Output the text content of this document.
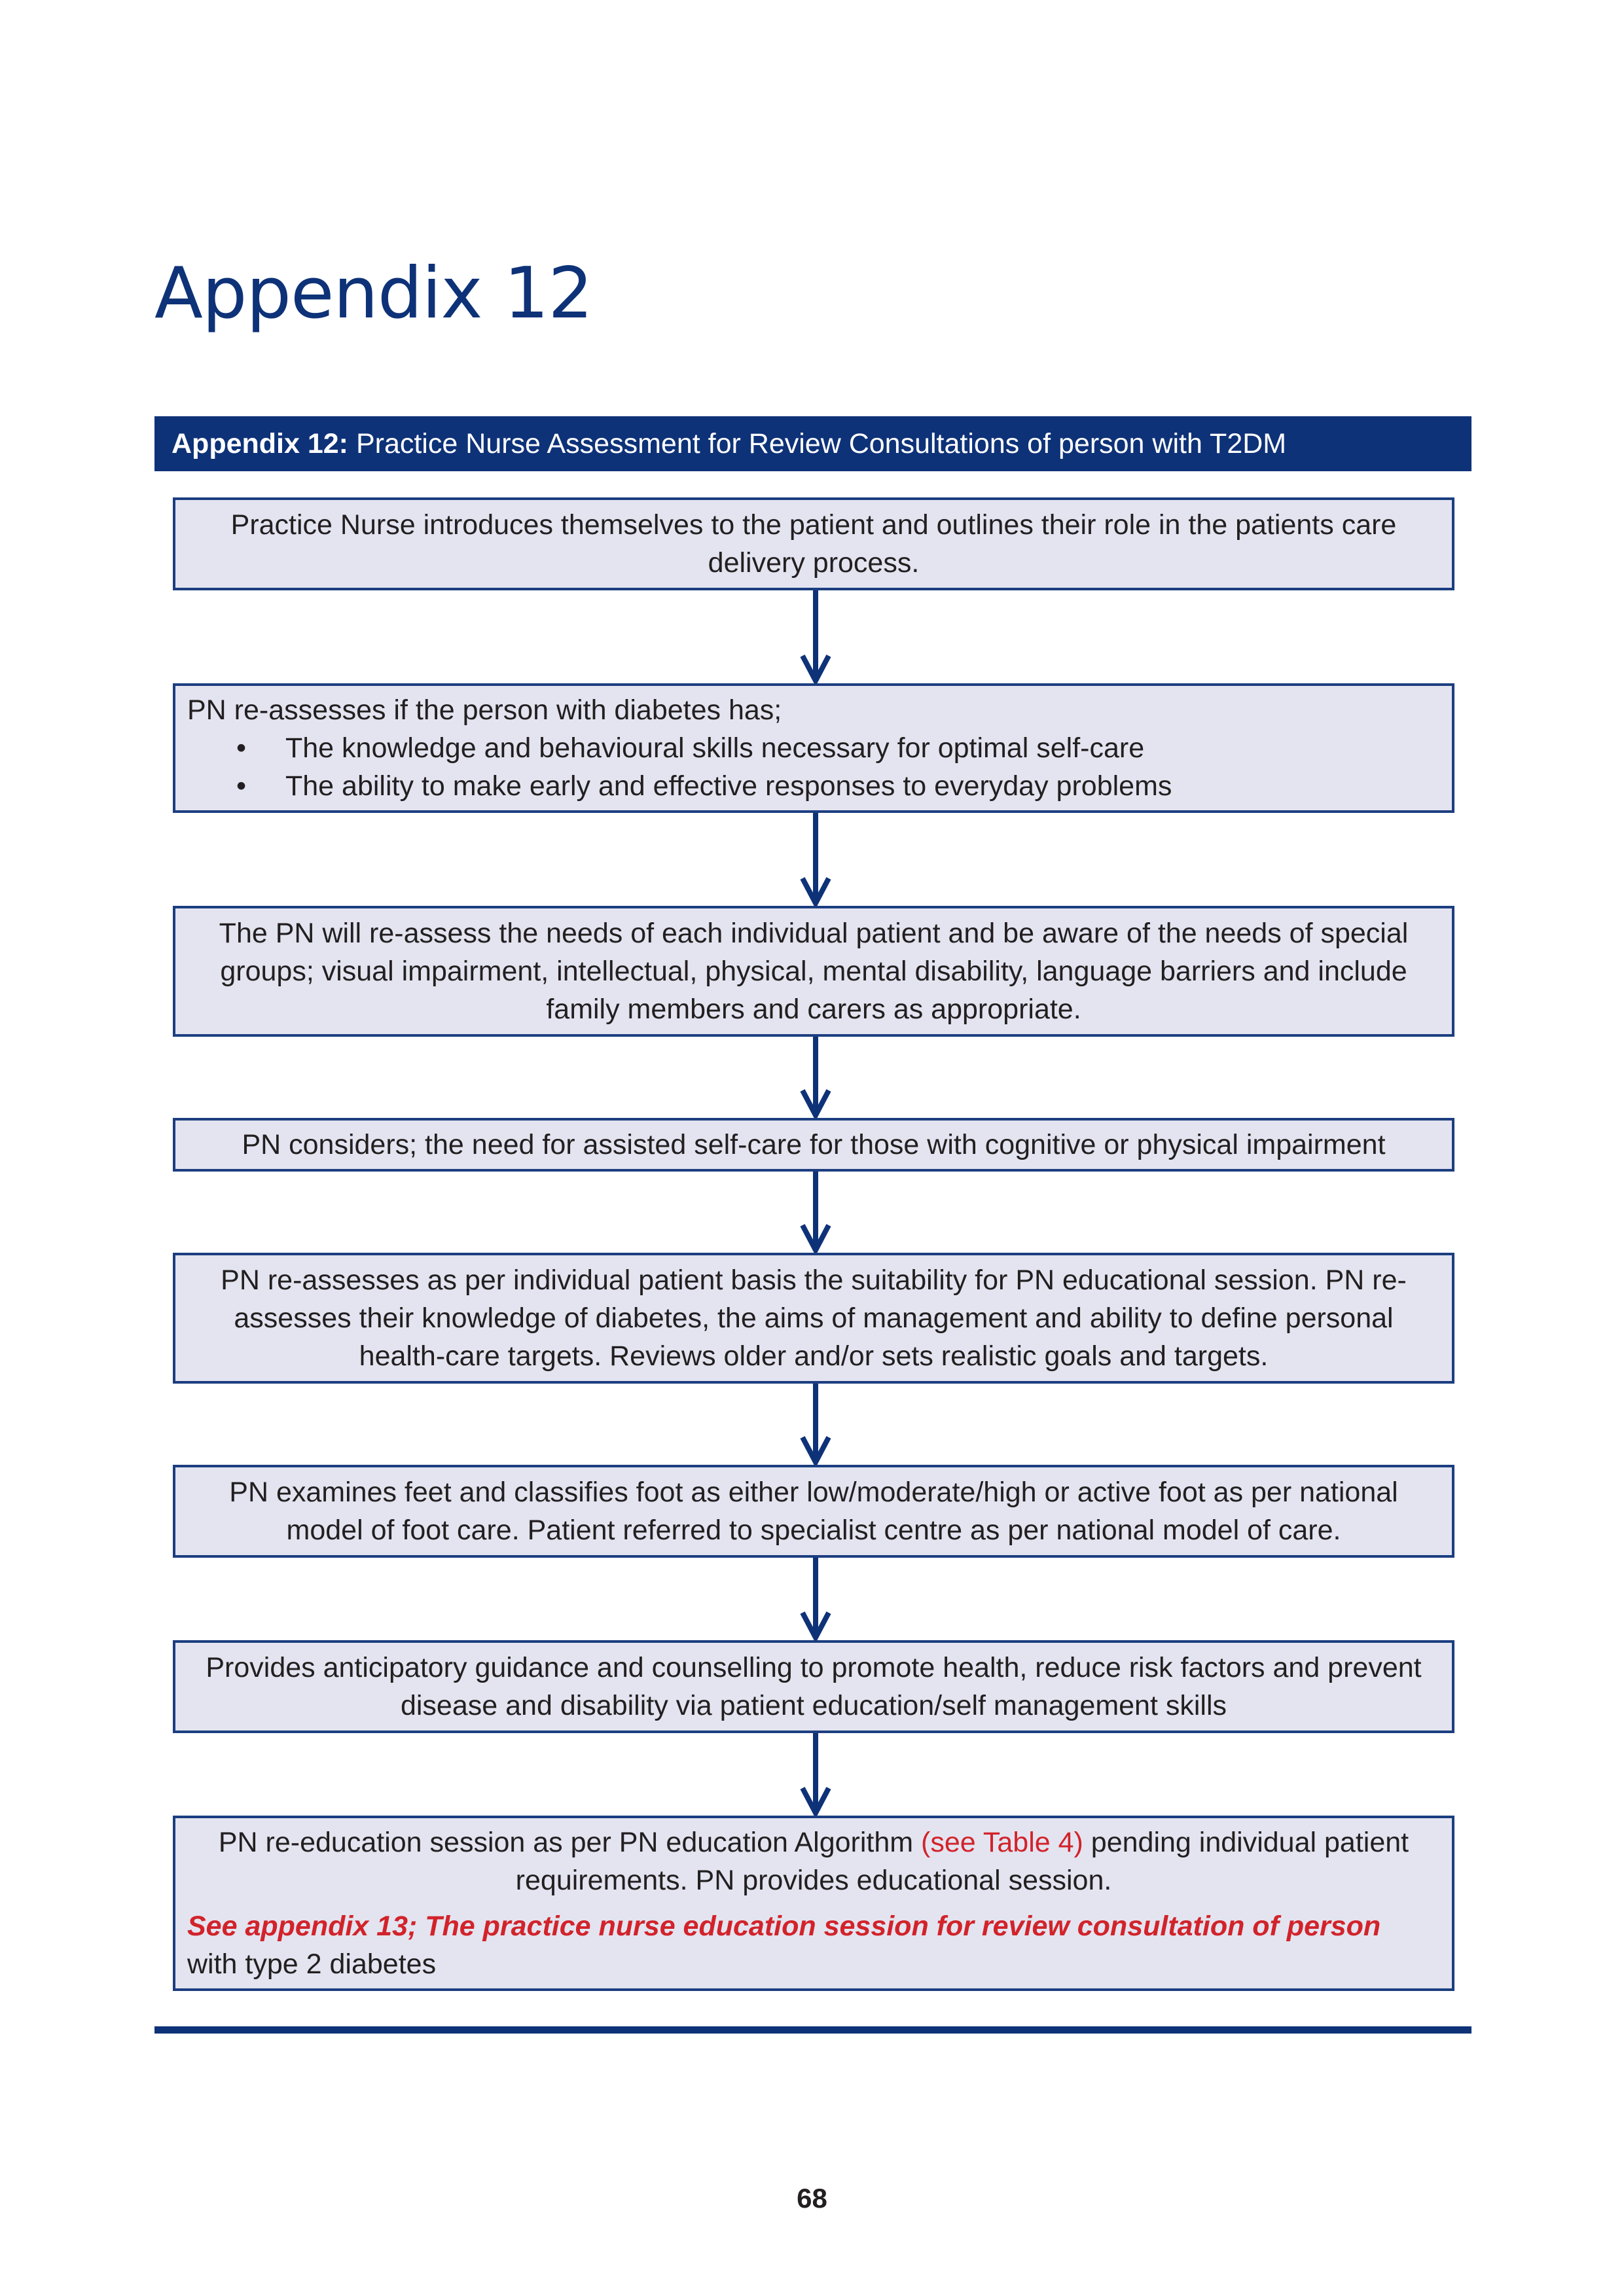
Appendix 12
Appendix 12: Practice Nurse Assessment for Review Consultations of person with T2DM
Practice Nurse introduces themselves to the patient and outlines their role in the patients care delivery process.
PN re-assesses if the person with diabetes has;
• The knowledge and behavioural skills necessary for optimal self-care
• The ability to make early and effective responses to everyday problems
The PN will re-assess the needs of each individual patient and be aware of the needs of special groups; visual impairment, intellectual, physical, mental disability, language barriers and include family members and carers as appropriate.
PN considers; the need for assisted self-care for those with cognitive or physical impairment
PN re-assesses as per individual patient basis the suitability for PN educational session. PN re-assesses their knowledge of diabetes, the aims of management and ability to define personal health-care targets. Reviews older and/or sets realistic goals and targets.
PN examines feet and classifies foot as either low/moderate/high or active foot as per national model of foot care. Patient referred to specialist centre as per national model of care.
Provides anticipatory guidance and counselling to promote health, reduce risk factors and prevent disease and disability via patient education/self management skills
PN re-education session as per PN education Algorithm (see Table 4) pending individual patient requirements. PN provides educational session.
See appendix 13; The practice nurse education session for review consultation of person
with type 2 diabetes
68
